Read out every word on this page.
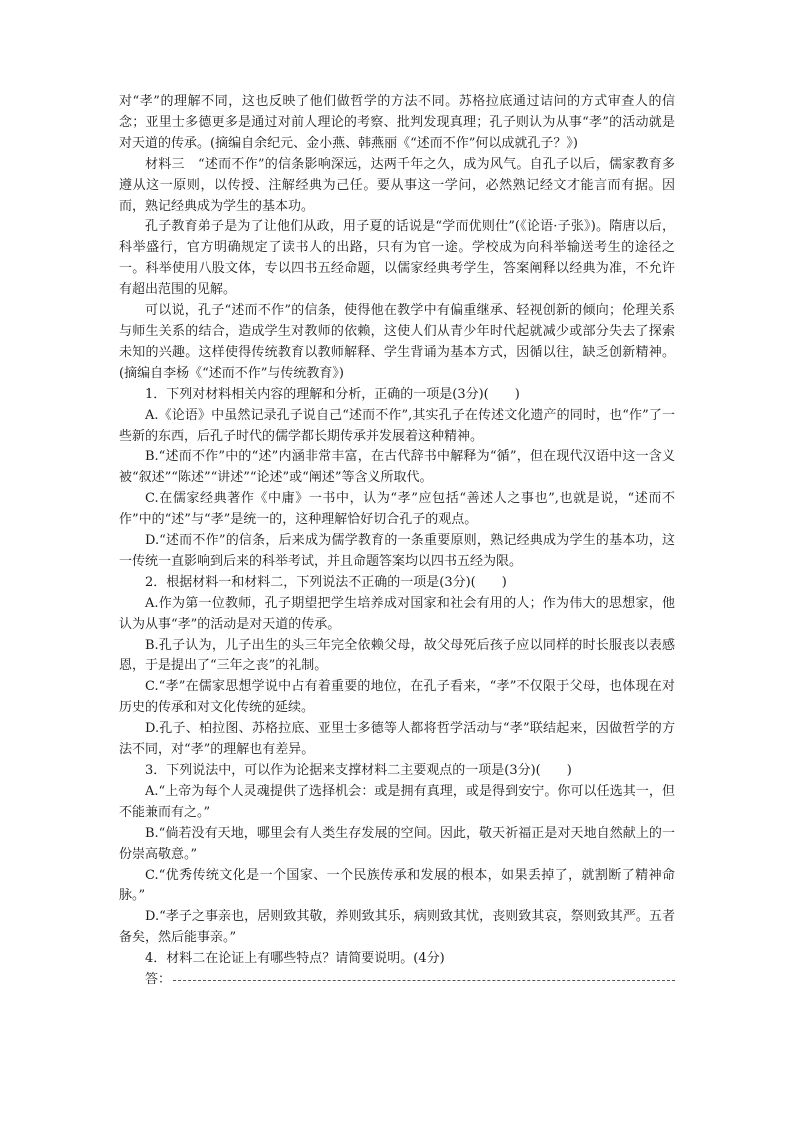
对“孝”的理解不同，这也反映了他们做哲学的方法不同。苏格拉底通过诘问的方式审查人的信念；亚里士多德更多是通过对前人理论的考察、批判发现真理；孔子则认为从事“孝”的活动就是对天道的传承。(摘编自余纪元、金小燕、韩燕丽《“述而不作”何以成就孔子？》)

材料三　“述而不作”的信条影响深远，达两千年之久，成为风气。自孔子以后，儒家教育多遵从这一原则，以传授、注解经典为己任。要从事这一学问，必然熟记经文才能言而有据。因而，熟记经典成为学生的基本功。

孔子教育弟子是为了让他们从政，用子夏的话说是“学而优则仕”(《论语·子张》)。隋唐以后，科举盛行，官方明确规定了读书人的出路，只有为官一途。学校成为向科举输送考生的途径之一。科举使用八股文体，专以四书五经命题，以儒家经典考学生，答案阐释以经典为准，不允许有超出范围的见解。

可以说，孔子“述而不作”的信条，使得他在教学中有偏重继承、轻视创新的倾向；伦理关系与师生关系的结合，造成学生对教师的依赖，这使人们从青少年时代起就减少或部分失去了探索未知的兴趣。这样使得传统教育以教师解释、学生背诵为基本方式，因循以往，缺乏创新精神。(摘编自李杨《“述而不作”与传统教育》)

1．下列对材料相关内容的理解和分析，正确的一项是(3分)(　　)

A.《论语》中虽然记录孔子说自己“述而不作”,其实孔子在传述文化遗产的同时，也“作”了一些新的东西，后孔子时代的儒学都长期传承并发展着这种精神。

B.“述而不作”中的“述”内涵非常丰富，在古代辞书中解释为“循”，但在现代汉语中这一含义被“叙述”“陈述”“讲述”“论述”或“阐述”等含义所取代。

C.在儒家经典著作《中庸》一书中，认为“孝”应包括“善述人之事也”,也就是说，“述而不作”中的“述”与“孝”是统一的，这种理解恰好切合孔子的观点。

D.“述而不作”的信条，后来成为儒学教育的一条重要原则，熟记经典成为学生的基本功，这一传统一直影响到后来的科举考试，并且命题答案均以四书五经为限。

2．根据材料一和材料二，下列说法不正确的一项是(3分)(　　)

A.作为第一位教师，孔子期望把学生培养成对国家和社会有用的人；作为伟大的思想家，他认为从事“孝”的活动是对天道的传承。

B.孔子认为，儿子出生的头三年完全依赖父母，故父母死后孩子应以同样的时长服丧以表感恩，于是提出了“三年之丧”的礼制。

C.“孝”在儒家思想学说中占有着重要的地位，在孔子看来，“孝”不仅限于父母，也体现在对历史的传承和对文化传统的延续。

D.孔子、柏拉图、苏格拉底、亚里士多德等人都将哲学活动与“孝”联结起来，因做哲学的方法不同，对“孝”的理解也有差异。

3．下列说法中，可以作为论据来支撑材料二主要观点的一项是(3分)(　　)

A.“上帝为每个人灵魂提供了选择机会：或是拥有真理，或是得到安宁。你可以任选其一，但不能兼而有之。”

B.“倘若没有天地，哪里会有人类生存发展的空间。因此，敬天祈福正是对天地自然献上的一份崇高敬意。”

C.“优秀传统文化是一个国家、一个民族传承和发展的根本，如果丢掉了，就割断了精神命脉。”

D.“孝子之事亲也，居则致其敬，养则致其乐，病则致其忧，丧则致其哀，祭则致其严。五者备矣，然后能事亲。”

4．材料二在论证上有哪些特点？请简要说明。(4分)

答：
